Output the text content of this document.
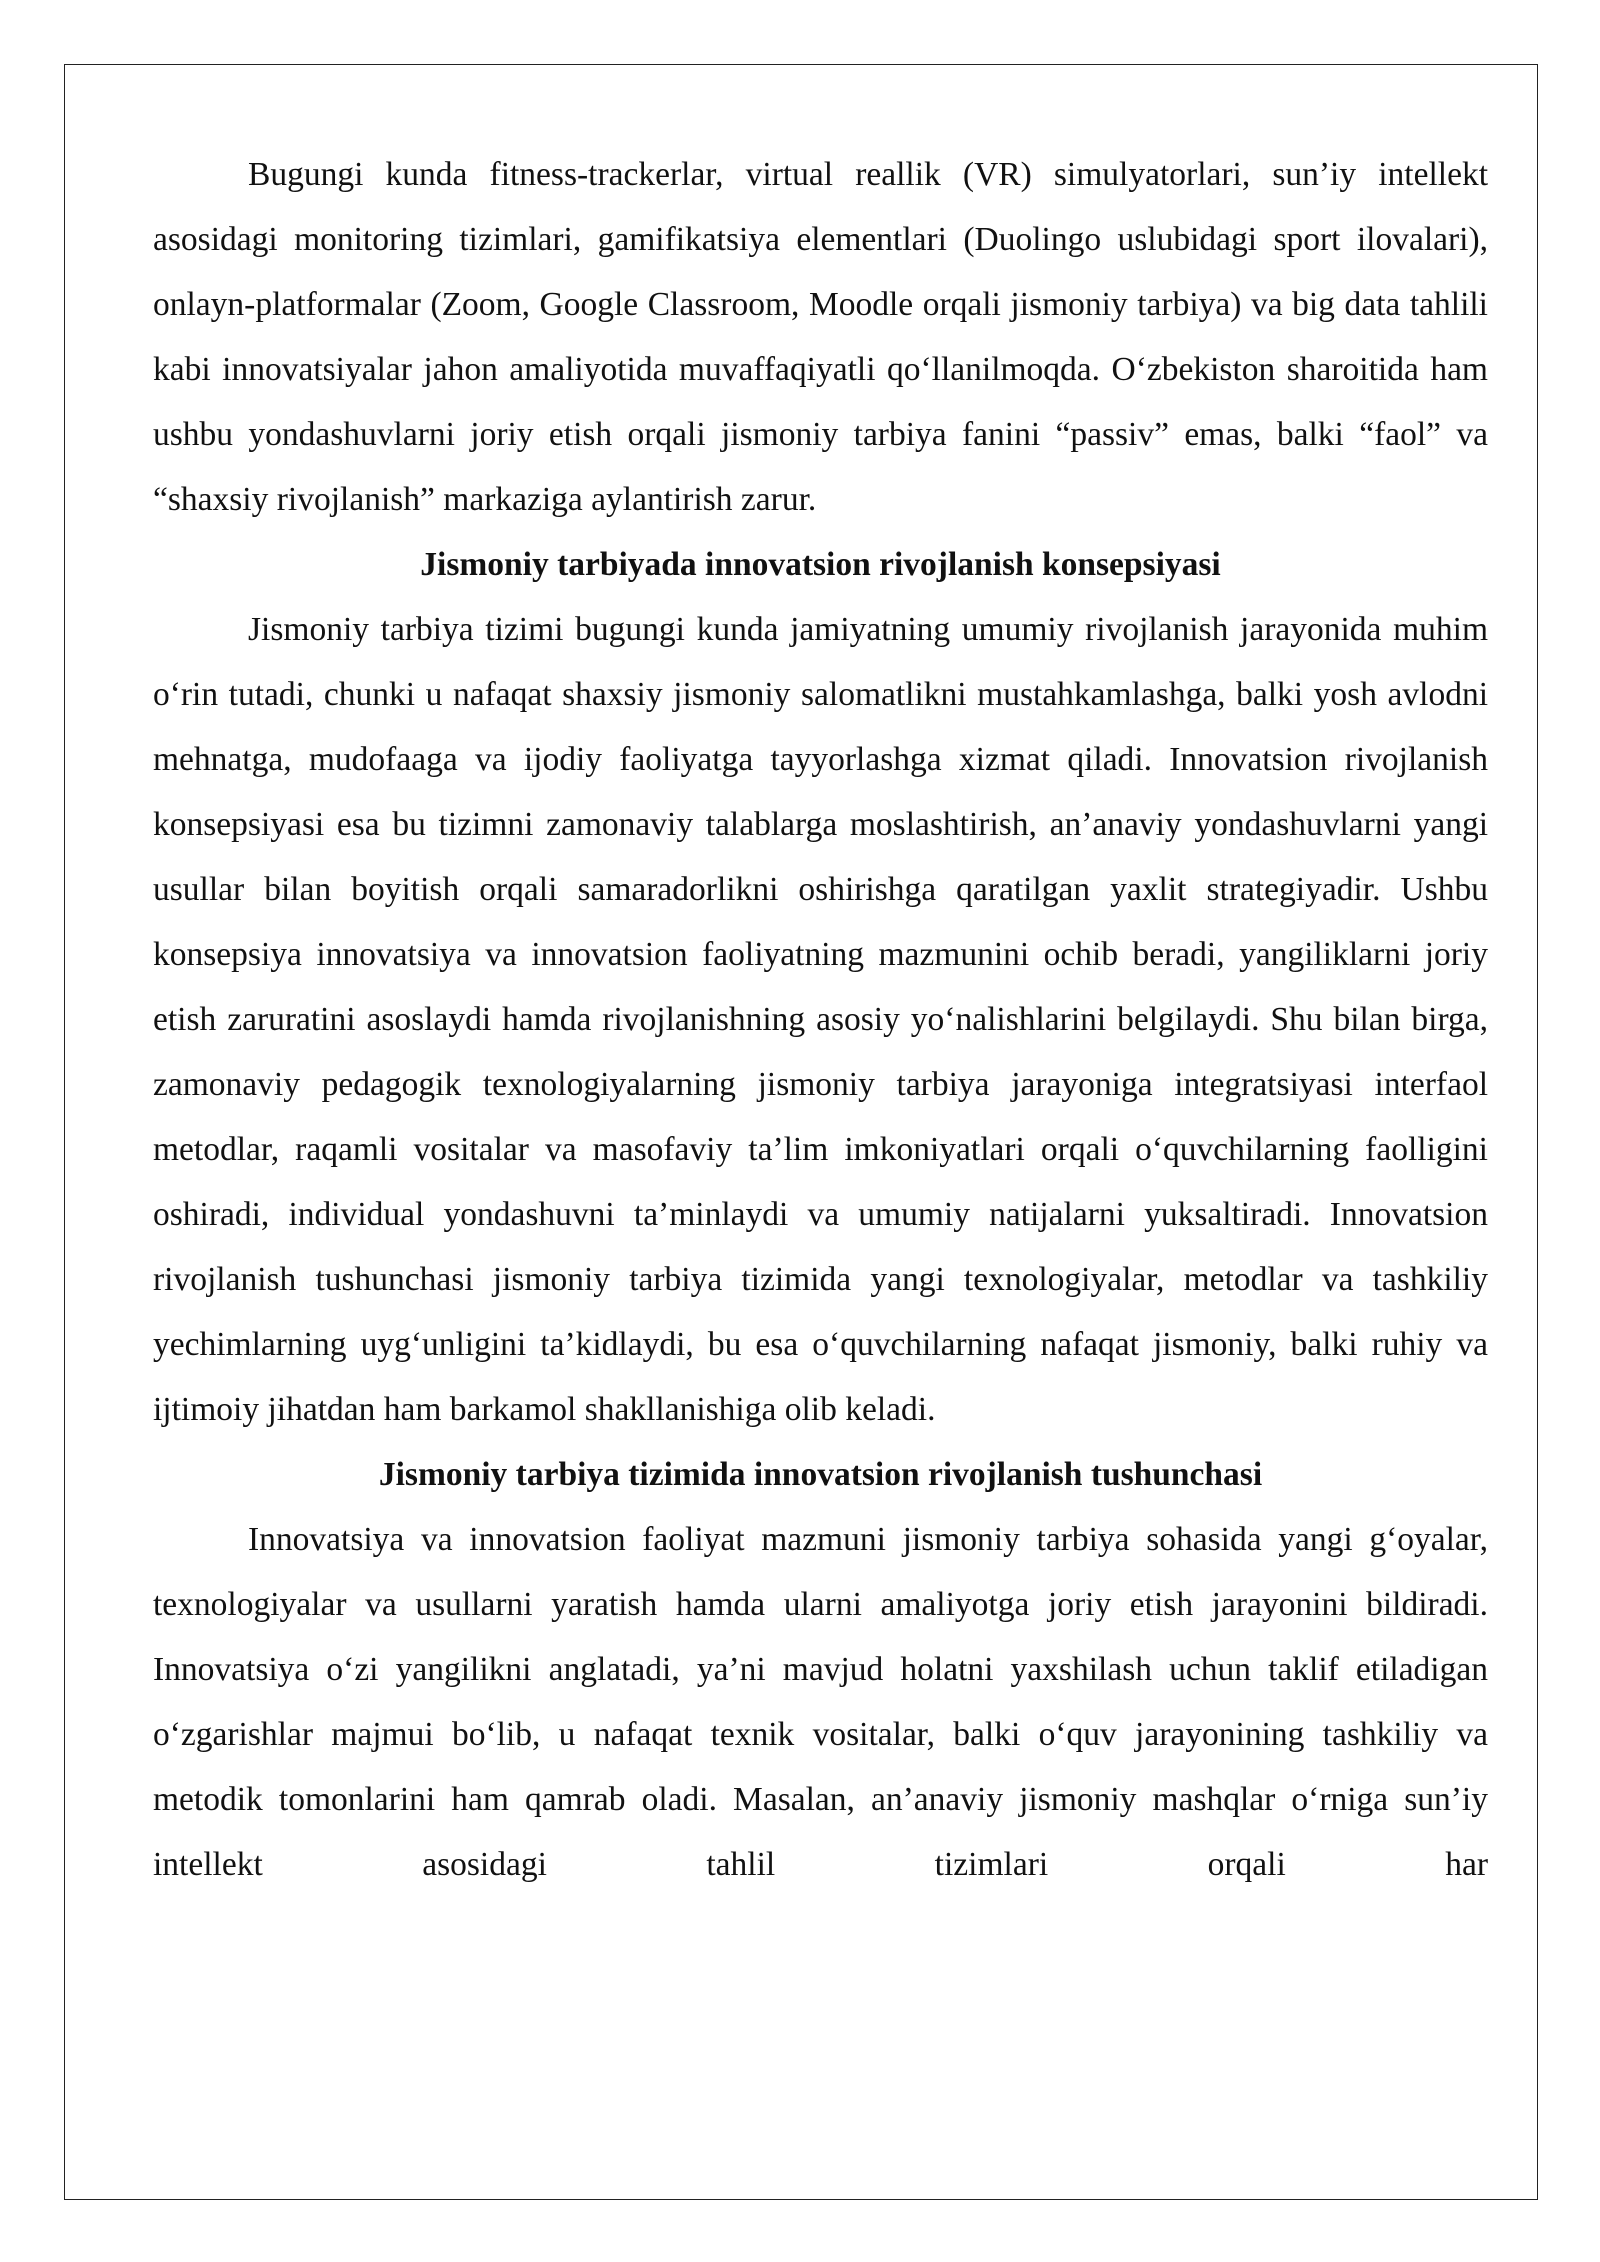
Bugungi kunda fitness-trackerlar, virtual reallik (VR) simulyatorlari, sun’iy intellekt asosidagi monitoring tizimlari, gamifikatsiya elementlari (Duolingo uslubidagi sport ilovalari), onlayn-platformalar (Zoom, Google Classroom, Moodle orqali jismoniy tarbiya) va big data tahlili kabi innovatsiyalar jahon amaliyotida muvaffaqiyatli qo‘llanilmoqda. O‘zbekiston sharoitida ham ushbu yondashuvlarni joriy etish orqali jismoniy tarbiya fanini “passiv” emas, balki “faol” va “shaxsiy rivojlanish” markaziga aylantirish zarur.

Jismoniy tarbiyada innovatsion rivojlanish konsepsiyasi

Jismoniy tarbiya tizimi bugungi kunda jamiyatning umumiy rivojlanish jarayonida muhim o‘rin tutadi, chunki u nafaqat shaxsiy jismoniy salomatlikni mustahkamlashga, balki yosh avlodni mehnatga, mudofaaga va ijodiy faoliyatga tayyorlashga xizmat qiladi. Innovatsion rivojlanish konsepsiyasi esa bu tizimni zamonaviy talablarga moslashtirish, an’anaviy yondashuvlarni yangi usullar bilan boyitish orqali samaradorlikni oshirishga qaratilgan yaxlit strategiyadir. Ushbu konsepsiya innovatsiya va innovatsion faoliyatning mazmunini ochib beradi, yangiliklarni joriy etish zaruratini asoslaydi hamda rivojlanishning asosiy yo‘nalishlarini belgilaydi. Shu bilan birga, zamonaviy pedagogik texnologiyalarning jismoniy tarbiya jarayoniga integratsiyasi interfaol metodlar, raqamli vositalar va masofaviy ta’lim imkoniyatlari orqali o‘quvchilarning faolligini oshiradi, individual yondashuvni ta’minlaydi va umumiy natijalarni yuksaltiradi. Innovatsion rivojlanish tushunchasi jismoniy tarbiya tizimida yangi texnologiyalar, metodlar va tashkiliy yechimlarning uyg‘unligini ta’kidlaydi, bu esa o‘quvchilarning nafaqat jismoniy, balki ruhiy va ijtimoiy jihatdan ham barkamol shakllanishiga olib keladi.

Jismoniy tarbiya tizimida innovatsion rivojlanish tushunchasi

Innovatsiya va innovatsion faoliyat mazmuni jismoniy tarbiya sohasida yangi g‘oyalar, texnologiyalar va usullarni yaratish hamda ularni amaliyotga joriy etish jarayonini bildiradi. Innovatsiya o‘zi yangilikni anglatadi, ya’ni mavjud holatni yaxshilash uchun taklif etiladigan o‘zgarishlar majmui bo‘lib, u nafaqat texnik vositalar, balki o‘quv jarayonining tashkiliy va metodik tomonlarini ham qamrab oladi. Masalan, an’anaviy jismoniy mashqlar o‘rniga sun’iy intellekt asosidagi tahlil tizimlari orqali har
